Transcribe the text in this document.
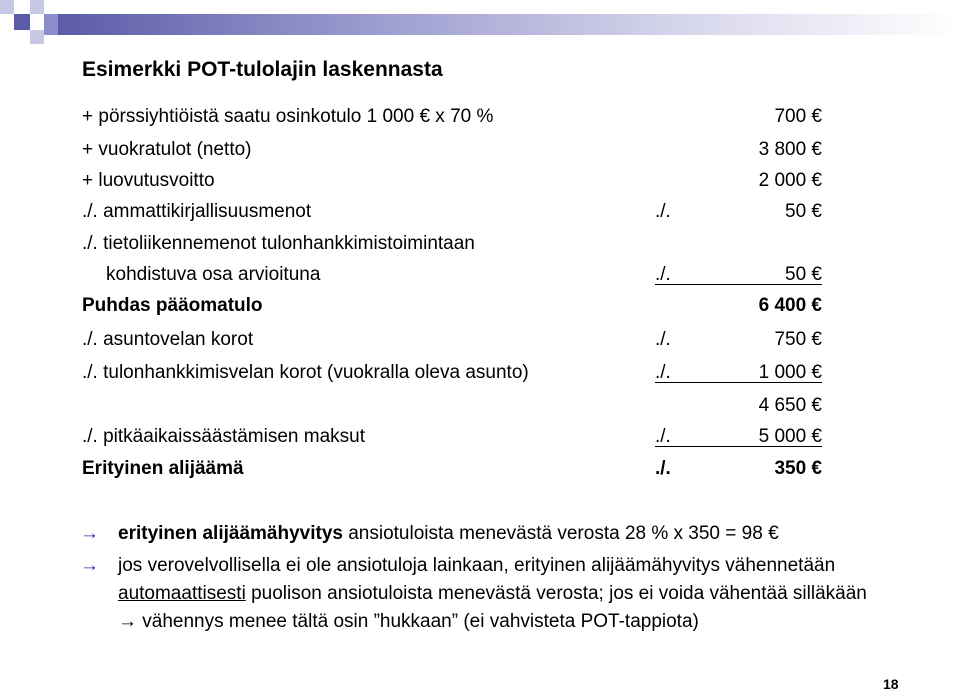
Esimerkki POT-tulolajin laskennasta
+ pörssiyhtiöistä saatu osinkotulo 1 000 € x 70 %	700 €
+ vuokratulot (netto)	3 800 €
+ luovutusvoitto	2 000 €
./. ammattikirjallisuusmenot	./.	50 €
./. tietoliikennemenot tulonhankkimistoimintaan
kohdistuva osa arvioituna	./.	50 €
Puhdas pääomatulo	6 400 €
./. asuntovelan korot	./.	750 €
./. tulonhankkimisvelan korot (vuokralla oleva asunto)	./.	1 000 €
4 650 €
./. pitkäaikaissäästämisen maksut	./.	5 000 €
Erityinen alijäämä	./.	350 €
→ erityinen alijäämähyvitys ansiotuloista menevästä verosta 28 % x 350 = 98 €
→ jos verovelvollisella ei ole ansiotuloja lainkaan, erityinen alijäämähyvitys vähennetään automaattisesti puolison ansiotuloista menevästä verosta; jos ei voida vähentää silläkään → vähennys menee tältä osin ”hukkaan” (ei vahvisteta POT-tappiota)
18
